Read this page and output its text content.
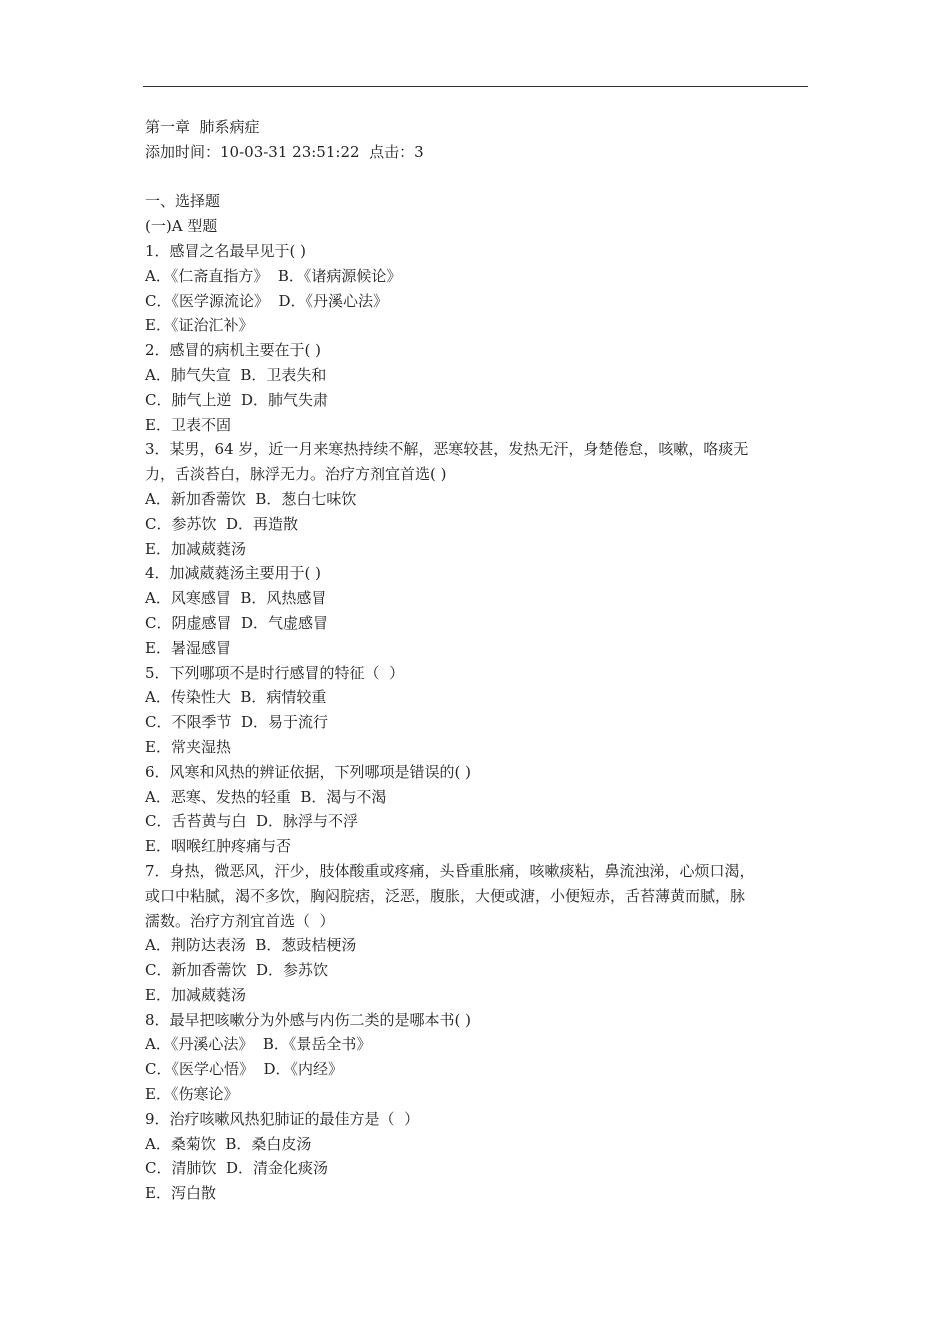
第一章  肺系病症
添加时间：10-03-31 23:51:22  点击：3
一、选择题
(一)A 型题
1．感冒之名最早见于( )
A．《仁斋直指方》  B．《诸病源候论》
C．《医学源流论》  D．《丹溪心法》
E．《证治汇补》
2．感冒的病机主要在于( )
A．肺气失宣  B．卫表失和
C．肺气上逆  D．肺气失肃
E．卫表不固
3．某男，64 岁，近一月来寒热持续不解，恶寒较甚，发热无汗，身楚倦怠，咳嗽，咯痰无
力，舌淡苔白，脉浮无力。治疗方剂宜首选( )
A．新加香薷饮  B．葱白七味饮
C．参苏饮  D．再造散
E．加减葳蕤汤
4．加减葳蕤汤主要用于( )
A．风寒感冒  B．风热感冒
C．阴虚感冒  D．气虚感冒
E．暑湿感冒
5．下列哪项不是时行感冒的特征（  ）
A．传染性大  B．病情较重
C．不限季节  D．易于流行
E．常夹湿热
6．风寒和风热的辨证依据，下列哪项是错误的( )
A．恶寒、发热的轻重  B．渴与不渴
C．舌苔黄与白  D．脉浮与不浮
E．咽喉红肿疼痛与否
7．身热，微恶风，汗少，肢体酸重或疼痛，头昏重胀痛，咳嗽痰粘，鼻流浊涕，心烦口渴，
或口中粘腻，渴不多饮，胸闷脘痞，泛恶，腹胀，大便或溏，小便短赤，舌苔薄黄而腻，脉
濡数。治疗方剂宜首选（  ）
A．荆防达表汤  B．葱豉桔梗汤
C．新加香薷饮  D．参苏饮
E．加减葳蕤汤
8．最早把咳嗽分为外感与内伤二类的是哪本书( )
A．《丹溪心法》  B．《景岳全书》
C．《医学心悟》  D．《内经》
E．《伤寒论》
9．治疗咳嗽风热犯肺证的最佳方是（  ）
A．桑菊饮  B．桑白皮汤
C．清肺饮  D．清金化痰汤
E．泻白散
